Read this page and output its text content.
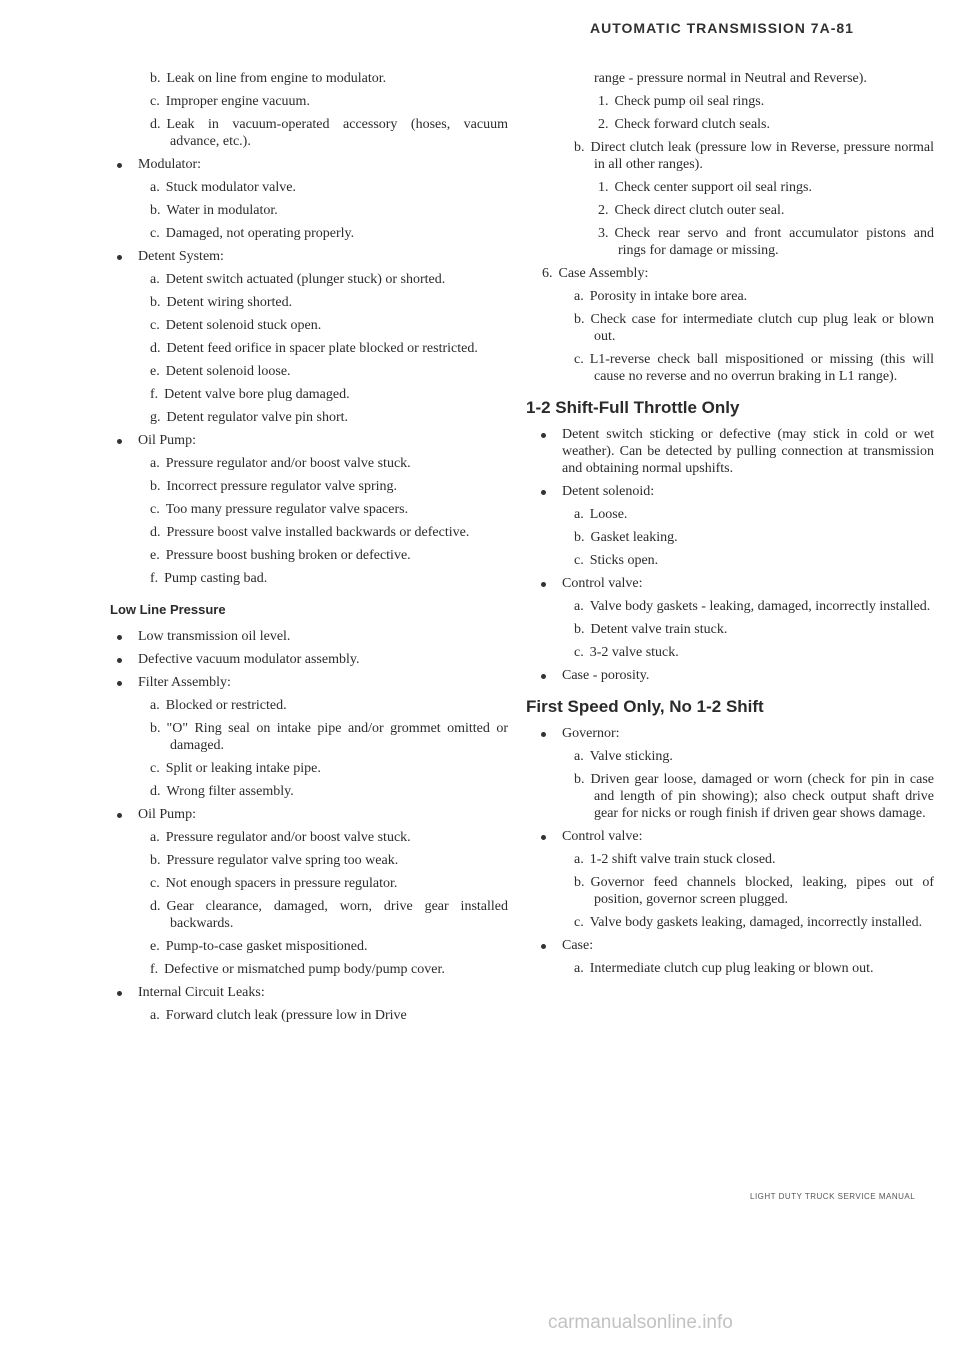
AUTOMATIC TRANSMISSION 7A-81
b. Leak on line from engine to modulator.
c. Improper engine vacuum.
d. Leak in vacuum-operated accessory (hoses, vacuum advance, etc.).
Modulator:
a. Stuck modulator valve.
b. Water in modulator.
c. Damaged, not operating properly.
Detent System:
a. Detent switch actuated (plunger stuck) or shorted.
b. Detent wiring shorted.
c. Detent solenoid stuck open.
d. Detent feed orifice in spacer plate blocked or restricted.
e. Detent solenoid loose.
f. Detent valve bore plug damaged.
g. Detent regulator valve pin short.
Oil Pump:
a. Pressure regulator and/or boost valve stuck.
b. Incorrect pressure regulator valve spring.
c. Too many pressure regulator valve spacers.
d. Pressure boost valve installed backwards or defective.
e. Pressure boost bushing broken or defective.
f. Pump casting bad.
Low Line Pressure
Low transmission oil level.
Defective vacuum modulator assembly.
Filter Assembly:
a. Blocked or restricted.
b. "O" Ring seal on intake pipe and/or grommet omitted or damaged.
c. Split or leaking intake pipe.
d. Wrong filter assembly.
Oil Pump:
a. Pressure regulator and/or boost valve stuck.
b. Pressure regulator valve spring too weak.
c. Not enough spacers in pressure regulator.
d. Gear clearance, damaged, worn, drive gear installed backwards.
e. Pump-to-case gasket mispositioned.
f. Defective or mismatched pump body/pump cover.
Internal Circuit Leaks:
a. Forward clutch leak (pressure low in Drive
range - pressure normal in Neutral and Reverse).
1. Check pump oil seal rings.
2. Check forward clutch seals.
b. Direct clutch leak (pressure low in Reverse, pressure normal in all other ranges).
1. Check center support oil seal rings.
2. Check direct clutch outer seal.
3. Check rear servo and front accumulator pistons and rings for damage or missing.
6. Case Assembly:
a. Porosity in intake bore area.
b. Check case for intermediate clutch cup plug leak or blown out.
c. L1-reverse check ball mispositioned or missing (this will cause no reverse and no overrun braking in L1 range).
1-2 Shift-Full Throttle Only
Detent switch sticking or defective (may stick in cold or wet weather). Can be detected by pulling connection at transmission and obtaining normal upshifts.
Detent solenoid:
a. Loose.
b. Gasket leaking.
c. Sticks open.
Control valve:
a. Valve body gaskets - leaking, damaged, incorrectly installed.
b. Detent valve train stuck.
c. 3-2 valve stuck.
Case - porosity.
First Speed Only, No 1-2 Shift
Governor:
a. Valve sticking.
b. Driven gear loose, damaged or worn (check for pin in case and length of pin showing); also check output shaft drive gear for nicks or rough finish if driven gear shows damage.
Control valve:
a. 1-2 shift valve train stuck closed.
b. Governor feed channels blocked, leaking, pipes out of position, governor screen plugged.
c. Valve body gaskets leaking, damaged, incorrectly installed.
Case:
a. Intermediate clutch cup plug leaking or blown out.
LIGHT DUTY TRUCK SERVICE MANUAL
carmanualsonline.info
